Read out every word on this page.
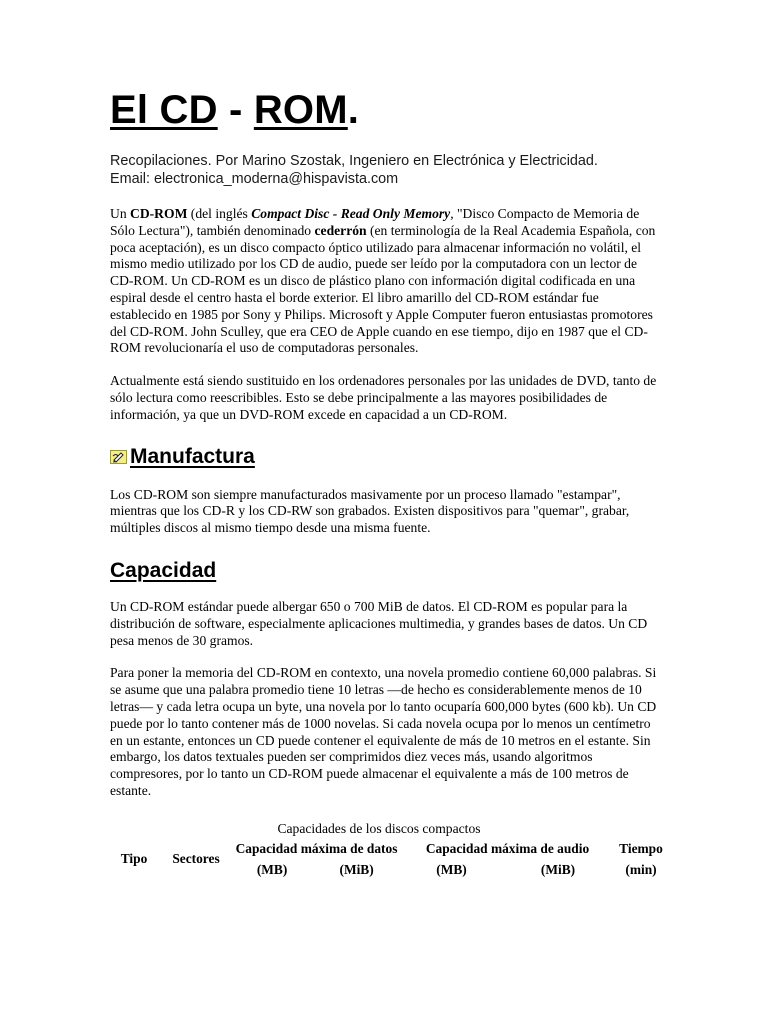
El CD - ROM.
Recopilaciones. Por Marino Szostak, Ingeniero en Electrónica y Electricidad.
Email: electronica_moderna@hispavista.com

Un CD-ROM (del inglés Compact Disc - Read Only Memory, "Disco Compacto de Memoria de Sólo Lectura"), también denominado cederrón (en terminología de la Real Academia Española, con poca aceptación), es un disco compacto óptico utilizado para almacenar información no volátil, el mismo medio utilizado por los CD de audio, puede ser leído por la computadora con un lector de CD-ROM. Un CD-ROM es un disco de plástico plano con información digital codificada en una espiral desde el centro hasta el borde exterior. El libro amarillo del CD-ROM estándar fue establecido en 1985 por Sony y Philips. Microsoft y Apple Computer fueron entusiastas promotores del CD-ROM. John Sculley, que era CEO de Apple cuando en ese tiempo, dijo en 1987 que el CD-ROM revolucionaría el uso de computadoras personales.

Actualmente está siendo sustituido en los ordenadores personales por las unidades de DVD, tanto de sólo lectura como reescribibles. Esto se debe principalmente a las mayores posibilidades de información, ya que un DVD-ROM excede en capacidad a un CD-ROM.

Manufactura

Los CD-ROM son siempre manufacturados masivamente por un proceso llamado "estampar", mientras que los CD-R y los CD-RW son grabados. Existen dispositivos para "quemar", grabar, múltiples discos al mismo tiempo desde una misma fuente.

Capacidad

Un CD-ROM estándar puede albergar 650 o 700 MiB de datos. El CD-ROM es popular para la distribución de software, especialmente aplicaciones multimedia, y grandes bases de datos. Un CD pesa menos de 30 gramos.

Para poner la memoria del CD-ROM en contexto, una novela promedio contiene 60,000 palabras. Si se asume que una palabra promedio tiene 10 letras —de hecho es considerablemente menos de 10 letras— y cada letra ocupa un byte, una novela por lo tanto ocuparía 600,000 bytes (600 kb). Un CD puede por lo tanto contener más de 1000 novelas. Si cada novela ocupa por lo menos un centímetro en un estante, entonces un CD puede contener el equivalente de más de 10 metros en el estante. Sin embargo, los datos textuales pueden ser comprimidos diez veces más, usando algoritmos compresores, por lo tanto un CD-ROM puede almacenar el equivalente a más de 100 metros de estante.

Capacidades de los discos compactos
Tipo	Sectores	Capacidad máxima de datos		Capacidad máxima de audio		Tiempo
		(MB)	(MiB)	(MB)	(MiB)	(min)
